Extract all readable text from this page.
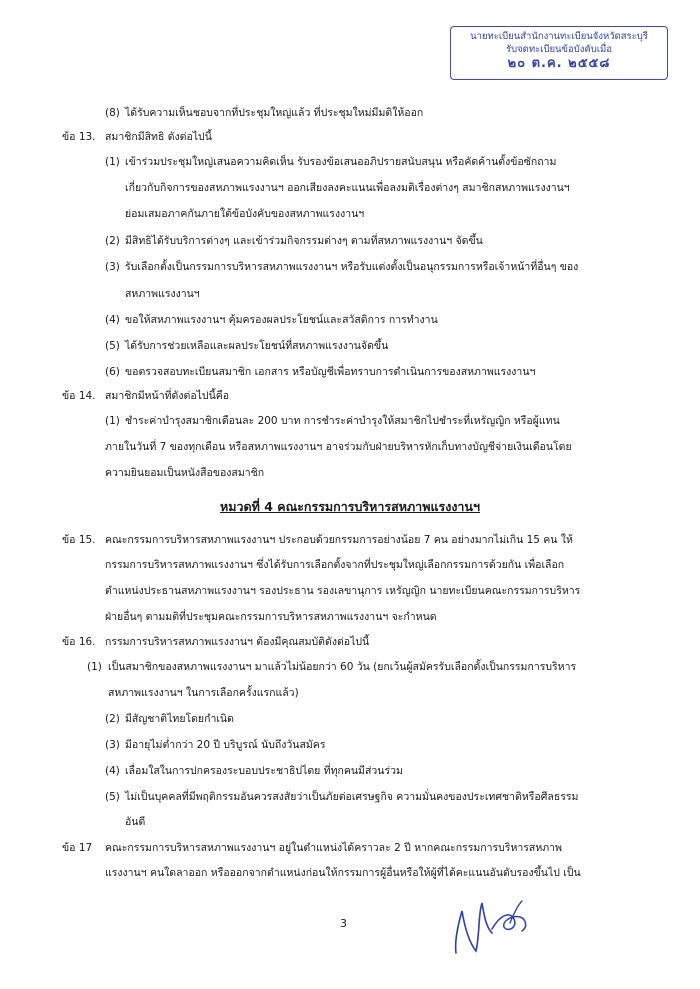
นายทะเบียนสำนักงานทะเบียนจังหวัดสระบุรี
รับจดทะเบียนข้อบังคับเมื่อ
๒๐ ต.ค. ๒๕๕๘
(8) ได้รับความเห็นชอบจากที่ประชุมใหญ่แล้ว ที่ประชุมใหม่มีมติให้ออก
ข้อ 13. สมาชิกมีสิทธิ ดังต่อไปนี้
(1) เข้าร่วมประชุมใหญ่เสนอความคิดเห็น รับรองข้อเสนออภิปรายสนับสนุน หรือคัดค้านตั้งข้อซักถาม
เกี่ยวกับกิจการของสหภาพแรงงานฯ ออกเสียงลงคะแนนเพื่อลงมติเรื่องต่างๆ สมาชิกสหภาพแรงงานฯ
ย่อมเสมอภาคกันภายใต้ข้อบังคับของสหภาพแรงงานฯ
(2) มีสิทธิได้รับบริการต่างๆ และเข้าร่วมกิจกรรมต่างๆ ตามที่สหภาพแรงงานฯ จัดขึ้น
(3) รับเลือกตั้งเป็นกรรมการบริหารสหภาพแรงงานฯ หรือรับแต่งตั้งเป็นอนุกรรมการหรือเจ้าหน้าที่อื่นๆ ของ
สหภาพแรงงานฯ
(4) ขอให้สหภาพแรงงานฯ คุ้มครองผลประโยชน์และสวัสดิการ การทำงาน
(5) ได้รับการช่วยเหลือและผลประโยชน์ที่สหภาพแรงงานจัดขึ้น
(6) ขอตรวจสอบทะเบียนสมาชิก เอกสาร หรือบัญชีเพื่อทราบการดำเนินการของสหภาพแรงงานฯ
ข้อ 14. สมาชิกมีหน้าที่ดังต่อไปนี้คือ
(1) ชำระค่าบำรุงสมาชิกเดือนละ 200 บาท การชำระค่าบำรุงให้สมาชิกไปชำระที่เหรัญญิก หรือผู้แทน
ภายในวันที่ 7 ของทุกเดือน หรือสหภาพแรงงานฯ อาจร่วมกับฝ่ายบริหารหักเก็บทางบัญชีจ่ายเงินเดือนโดย
ความยินยอมเป็นหนังสือของสมาชิก
หมวดที่ 4 คณะกรรมการบริหารสหภาพแรงงานฯ
ข้อ 15. คณะกรรมการบริหารสหภาพแรงงานฯ ประกอบด้วยกรรมการอย่างน้อย 7 คน อย่างมากไม่เกิน 15 คน ให้
กรรมการบริหารสหภาพแรงงานฯ ซึ่งได้รับการเลือกตั้งจากที่ประชุมใหญ่เลือกกรรมการด้วยกัน เพื่อเลือก
ตำแหน่งประธานสหภาพแรงงานฯ รองประธาน รองเลขานุการ เหรัญญิก นายทะเบียนคณะกรรมการบริหาร
ฝ่ายอื่นๆ ตามมติที่ประชุมคณะกรรมการบริหารสหภาพแรงงานฯ จะกำหนด
ข้อ 16. กรรมการบริหารสหภาพแรงงานฯ ต้องมีคุณสมบัติดังต่อไปนี้
(1) เป็นสมาชิกของสหภาพแรงงานฯ มาแล้วไม่น้อยกว่า 60 วัน (ยกเว้นผู้สมัครรับเลือกตั้งเป็นกรรมการบริหาร
สหภาพแรงงานฯ ในการเลือกครั้งแรกแล้ว)
(2) มีสัญชาติไทยโดยกำเนิด
(3) มีอายุไม่ต่ำกว่า 20 ปี บริบูรณ์ นับถึงวันสมัคร
(4) เลื่อมใสในการปกครองระบอบประชาธิปไตย ที่ทุกคนมีส่วนร่วม
(5) ไม่เป็นบุคคลที่มีพฤติกรรมอันควรสงสัยว่าเป็นภัยต่อเศรษฐกิจ ความมั่นคงของประเทศชาติหรือศีลธรรม
อันดี
ข้อ 17 คณะกรรมการบริหารสหภาพแรงงานฯ อยู่ในตำแหน่งได้คราวละ 2 ปี หากคณะกรรมการบริหารสหภาพ
แรงงานฯ คนใดลาออก หรือออกจากตำแหน่งก่อนให้กรรมการผู้อื่นหรือให้ผู้ที่ได้คะแนนอันดับรองขึ้นไป เป็น
3
